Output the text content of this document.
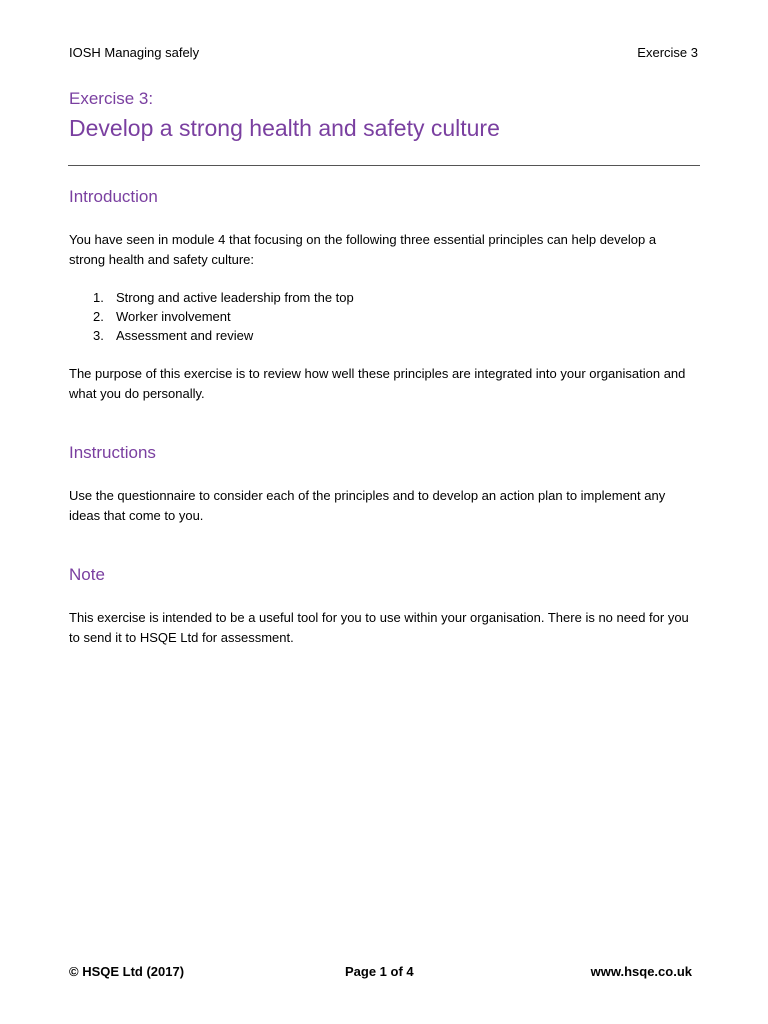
IOSH Managing safely	Exercise 3

Exercise 3:

Develop a strong health and safety culture
Introduction

You have seen in module 4 that focusing on the following three essential principles can help develop a strong health and safety culture:

1. Strong and active leadership from the top
2. Worker involvement
3. Assessment and review

The purpose of this exercise is to review how well these principles are integrated into your organisation and what you do personally.

Instructions

Use the questionnaire to consider each of the principles and to develop an action plan to implement any ideas that come to you.

Note

This exercise is intended to be a useful tool for you to use within your organisation. There is no need for you to send it to HSQE Ltd for assessment.

© HSQE Ltd (2017)	Page 1 of 4	www.hsqe.co.uk
